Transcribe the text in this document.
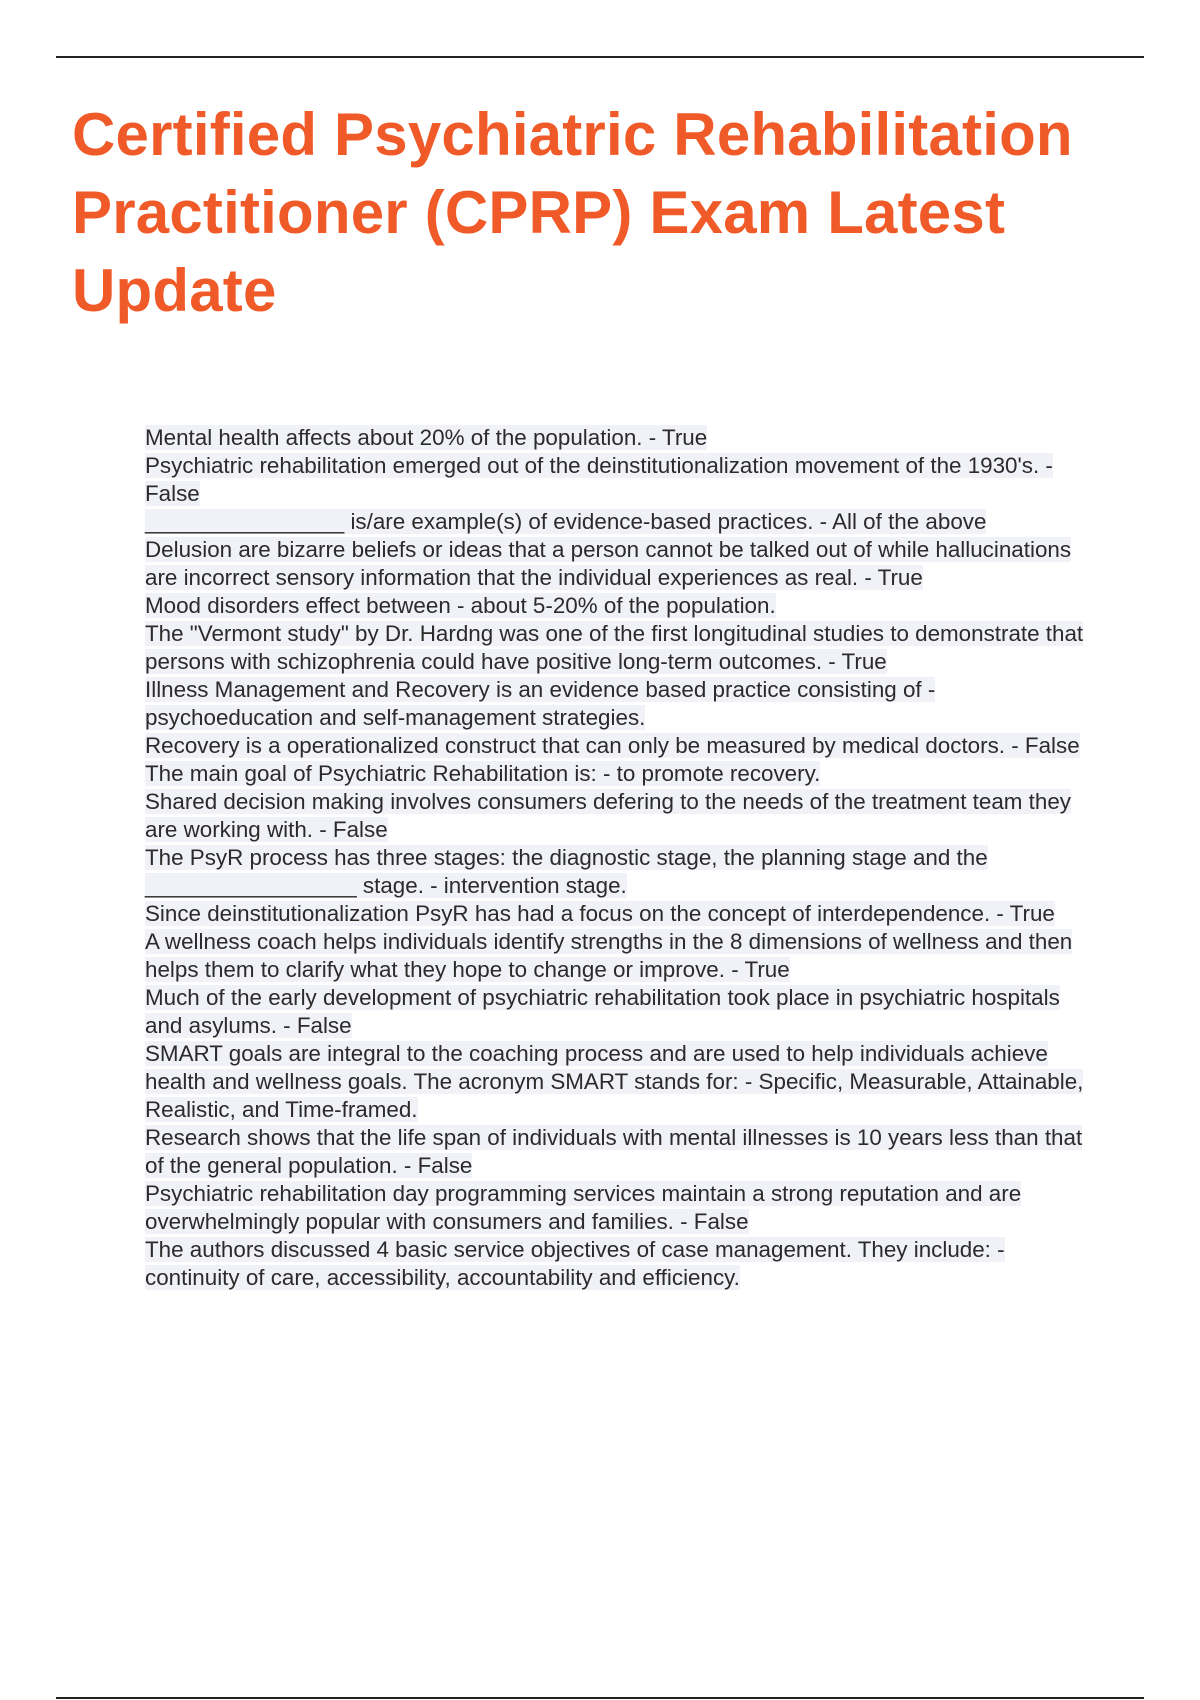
Certified Psychiatric Rehabilitation Practitioner (CPRP) Exam Latest Update
Mental health affects about 20% of the population. - True
Psychiatric rehabilitation emerged out of the deinstitutionalization movement of the 1930's. - False
________________ is/are example(s) of evidence-based practices. - All of the above
Delusion are bizarre beliefs or ideas that a person cannot be talked out of while hallucinations are incorrect sensory information that the individual experiences as real. - True
Mood disorders effect between - about 5-20% of the population.
The "Vermont study" by Dr. Hardng was one of the first longitudinal studies to demonstrate that persons with schizophrenia could have positive long-term outcomes. - True
Illness Management and Recovery is an evidence based practice consisting of - psychoeducation and self-management strategies.
Recovery is a operationalized construct that can only be measured by medical doctors. - False
The main goal of Psychiatric Rehabilitation is: - to promote recovery.
Shared decision making involves consumers defering to the needs of the treatment team they are working with. - False
The PsyR process has three stages: the diagnostic stage, the planning stage and the _________________ stage. - intervention stage.
Since deinstitutionalization PsyR has had a focus on the concept of interdependence. - True
A wellness coach helps individuals identify strengths in the 8 dimensions of wellness and then helps them to clarify what they hope to change or improve. - True
Much of the early development of psychiatric rehabilitation took place in psychiatric hospitals and asylums. - False
SMART goals are integral to the coaching process and are used to help individuals achieve health and wellness goals. The acronym SMART stands for: - Specific, Measurable, Attainable, Realistic, and Time-framed.
Research shows that the life span of individuals with mental illnesses is 10 years less than that of the general population. - False
Psychiatric rehabilitation day programming services maintain a strong reputation and are overwhelmingly popular with consumers and families. - False
The authors discussed 4 basic service objectives of case management. They include: - continuity of care, accessibility, accountability and efficiency.
